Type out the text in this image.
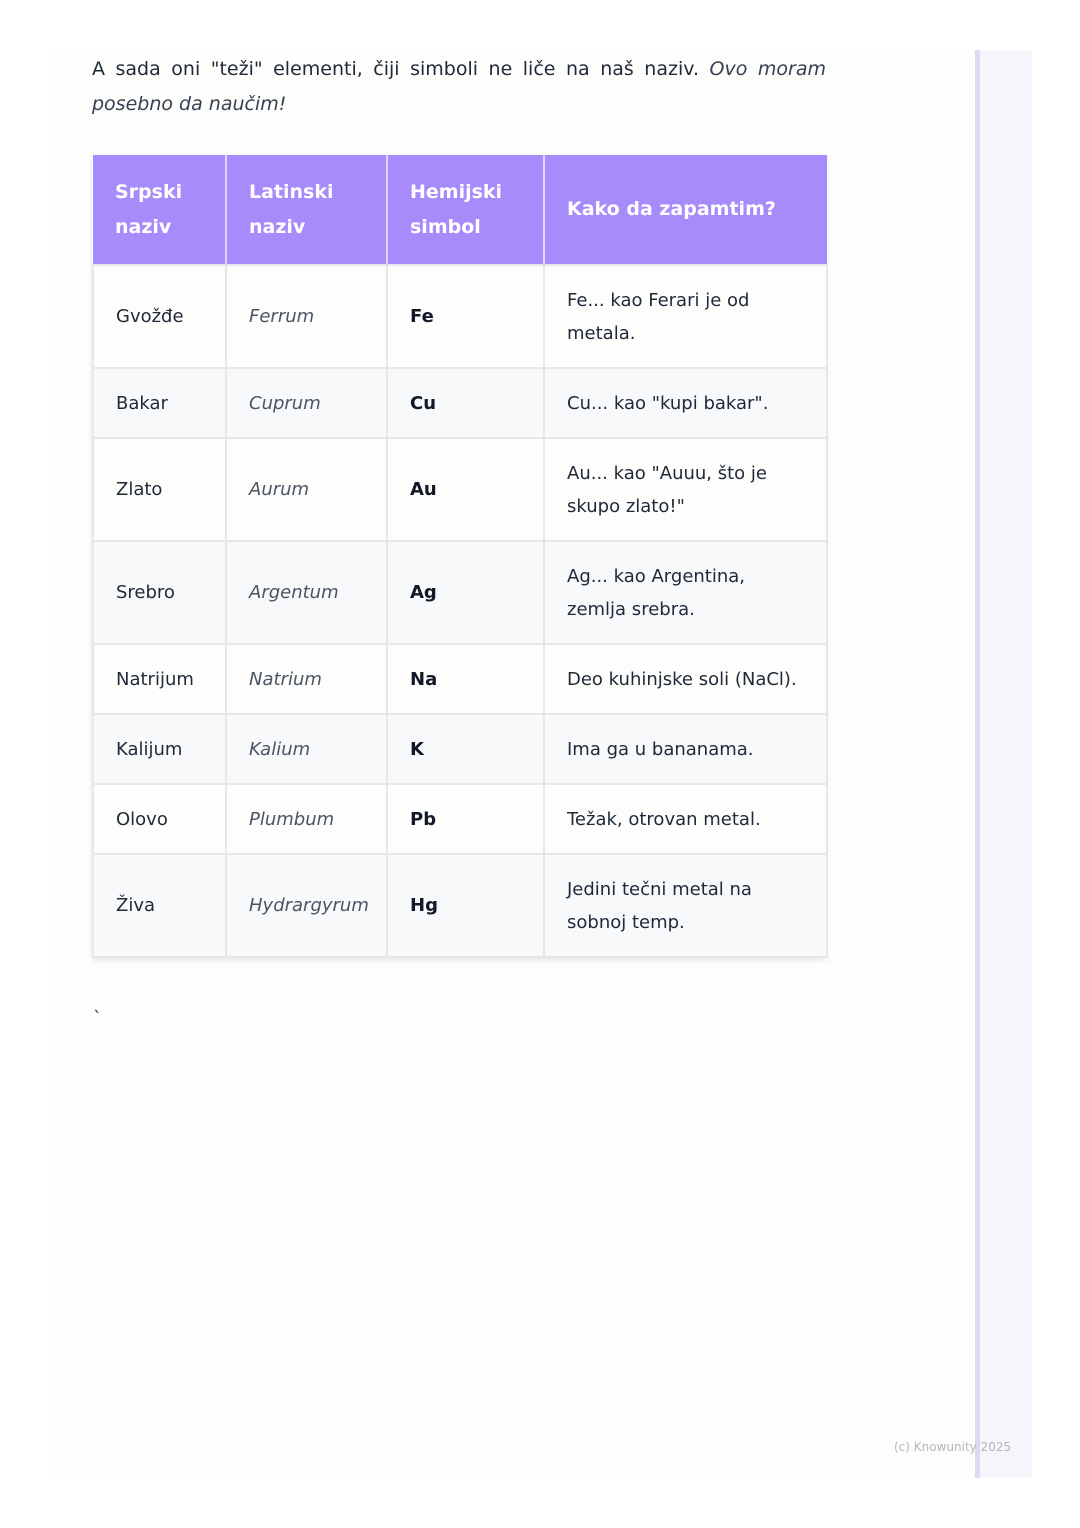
A sada oni "teži" elementi, čiji simboli ne liče na naš naziv. Ovo moram posebno da naučim!

Srpski naziv	Latinski naziv	Hemijski simbol	Kako da zapamtim?
Gvožđe	Ferrum	Fe	Fe... kao Ferari je od metala.
Bakar	Cuprum	Cu	Cu... kao "kupi bakar".
Zlato	Aurum	Au	Au... kao "Auuu, što je skupo zlato!"
Srebro	Argentum	Ag	Ag... kao Argentina, zemlja srebra.
Natrijum	Natrium	Na	Deo kuhinjske soli (NaCl).
Kalijum	Kalium	K	Ima ga u bananama.
Olovo	Plumbum	Pb	Težak, otrovan metal.
Živa	Hydrargyrum	Hg	Jedini tečni metal na sobnoj temp.
`
(c) Knowunity 2025
